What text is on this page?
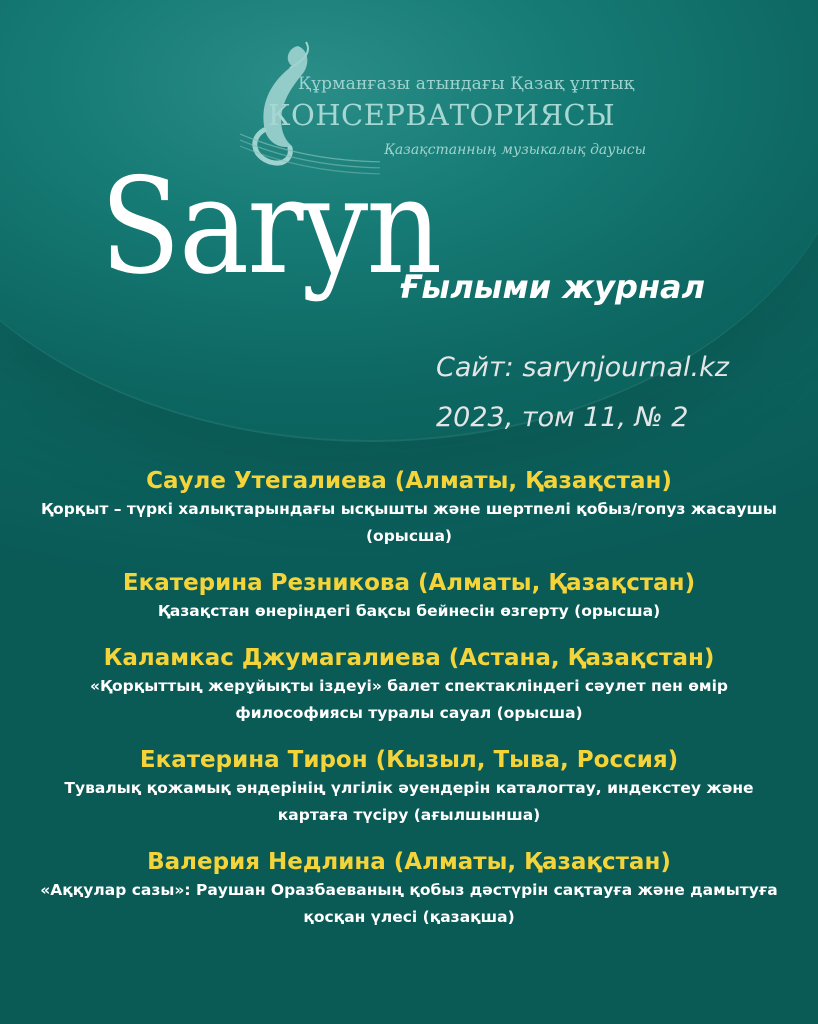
Құрманғазы атындағы Қазақ ұлттық
КОНСЕРВАТОРИЯСЫ
Қазақстанның музыкалық дауысы
Saryn
Ғылыми журнал
Сайт: sarynjournal.kz
2023, том 11, № 2
Сауле Утегалиева (Алматы, Қазақстан)
Қорқыт – түркі халықтарындағы ысқышты және шертпелі қобыз/гопуз жасаушы (орысша)
Екатерина Резникова (Алматы, Қазақстан)
Қазақстан өнеріндегі бақсы бейнесін өзгерту (орысша)
Каламкас Джумагалиева (Астана, Қазақстан)
«Қорқыттың жерұйықты іздеуі» балет спектаклiндегі сәулет пен өмір философиясы туралы сауал (орысша)
Екатерина Тирон (Кызыл, Тыва, Россия)
Тувалық қожамық әндерінің үлгілік әуендерін каталогтау, индекстеу және картаға түсіру (ағылшынша)
Валерия Недлина (Алматы, Қазақстан)
«Аққулар сазы»: Раушан Оразбаеваның қобыз дәстүрін сақтауға және дамытуға қосқан үлесі (қазақша)
